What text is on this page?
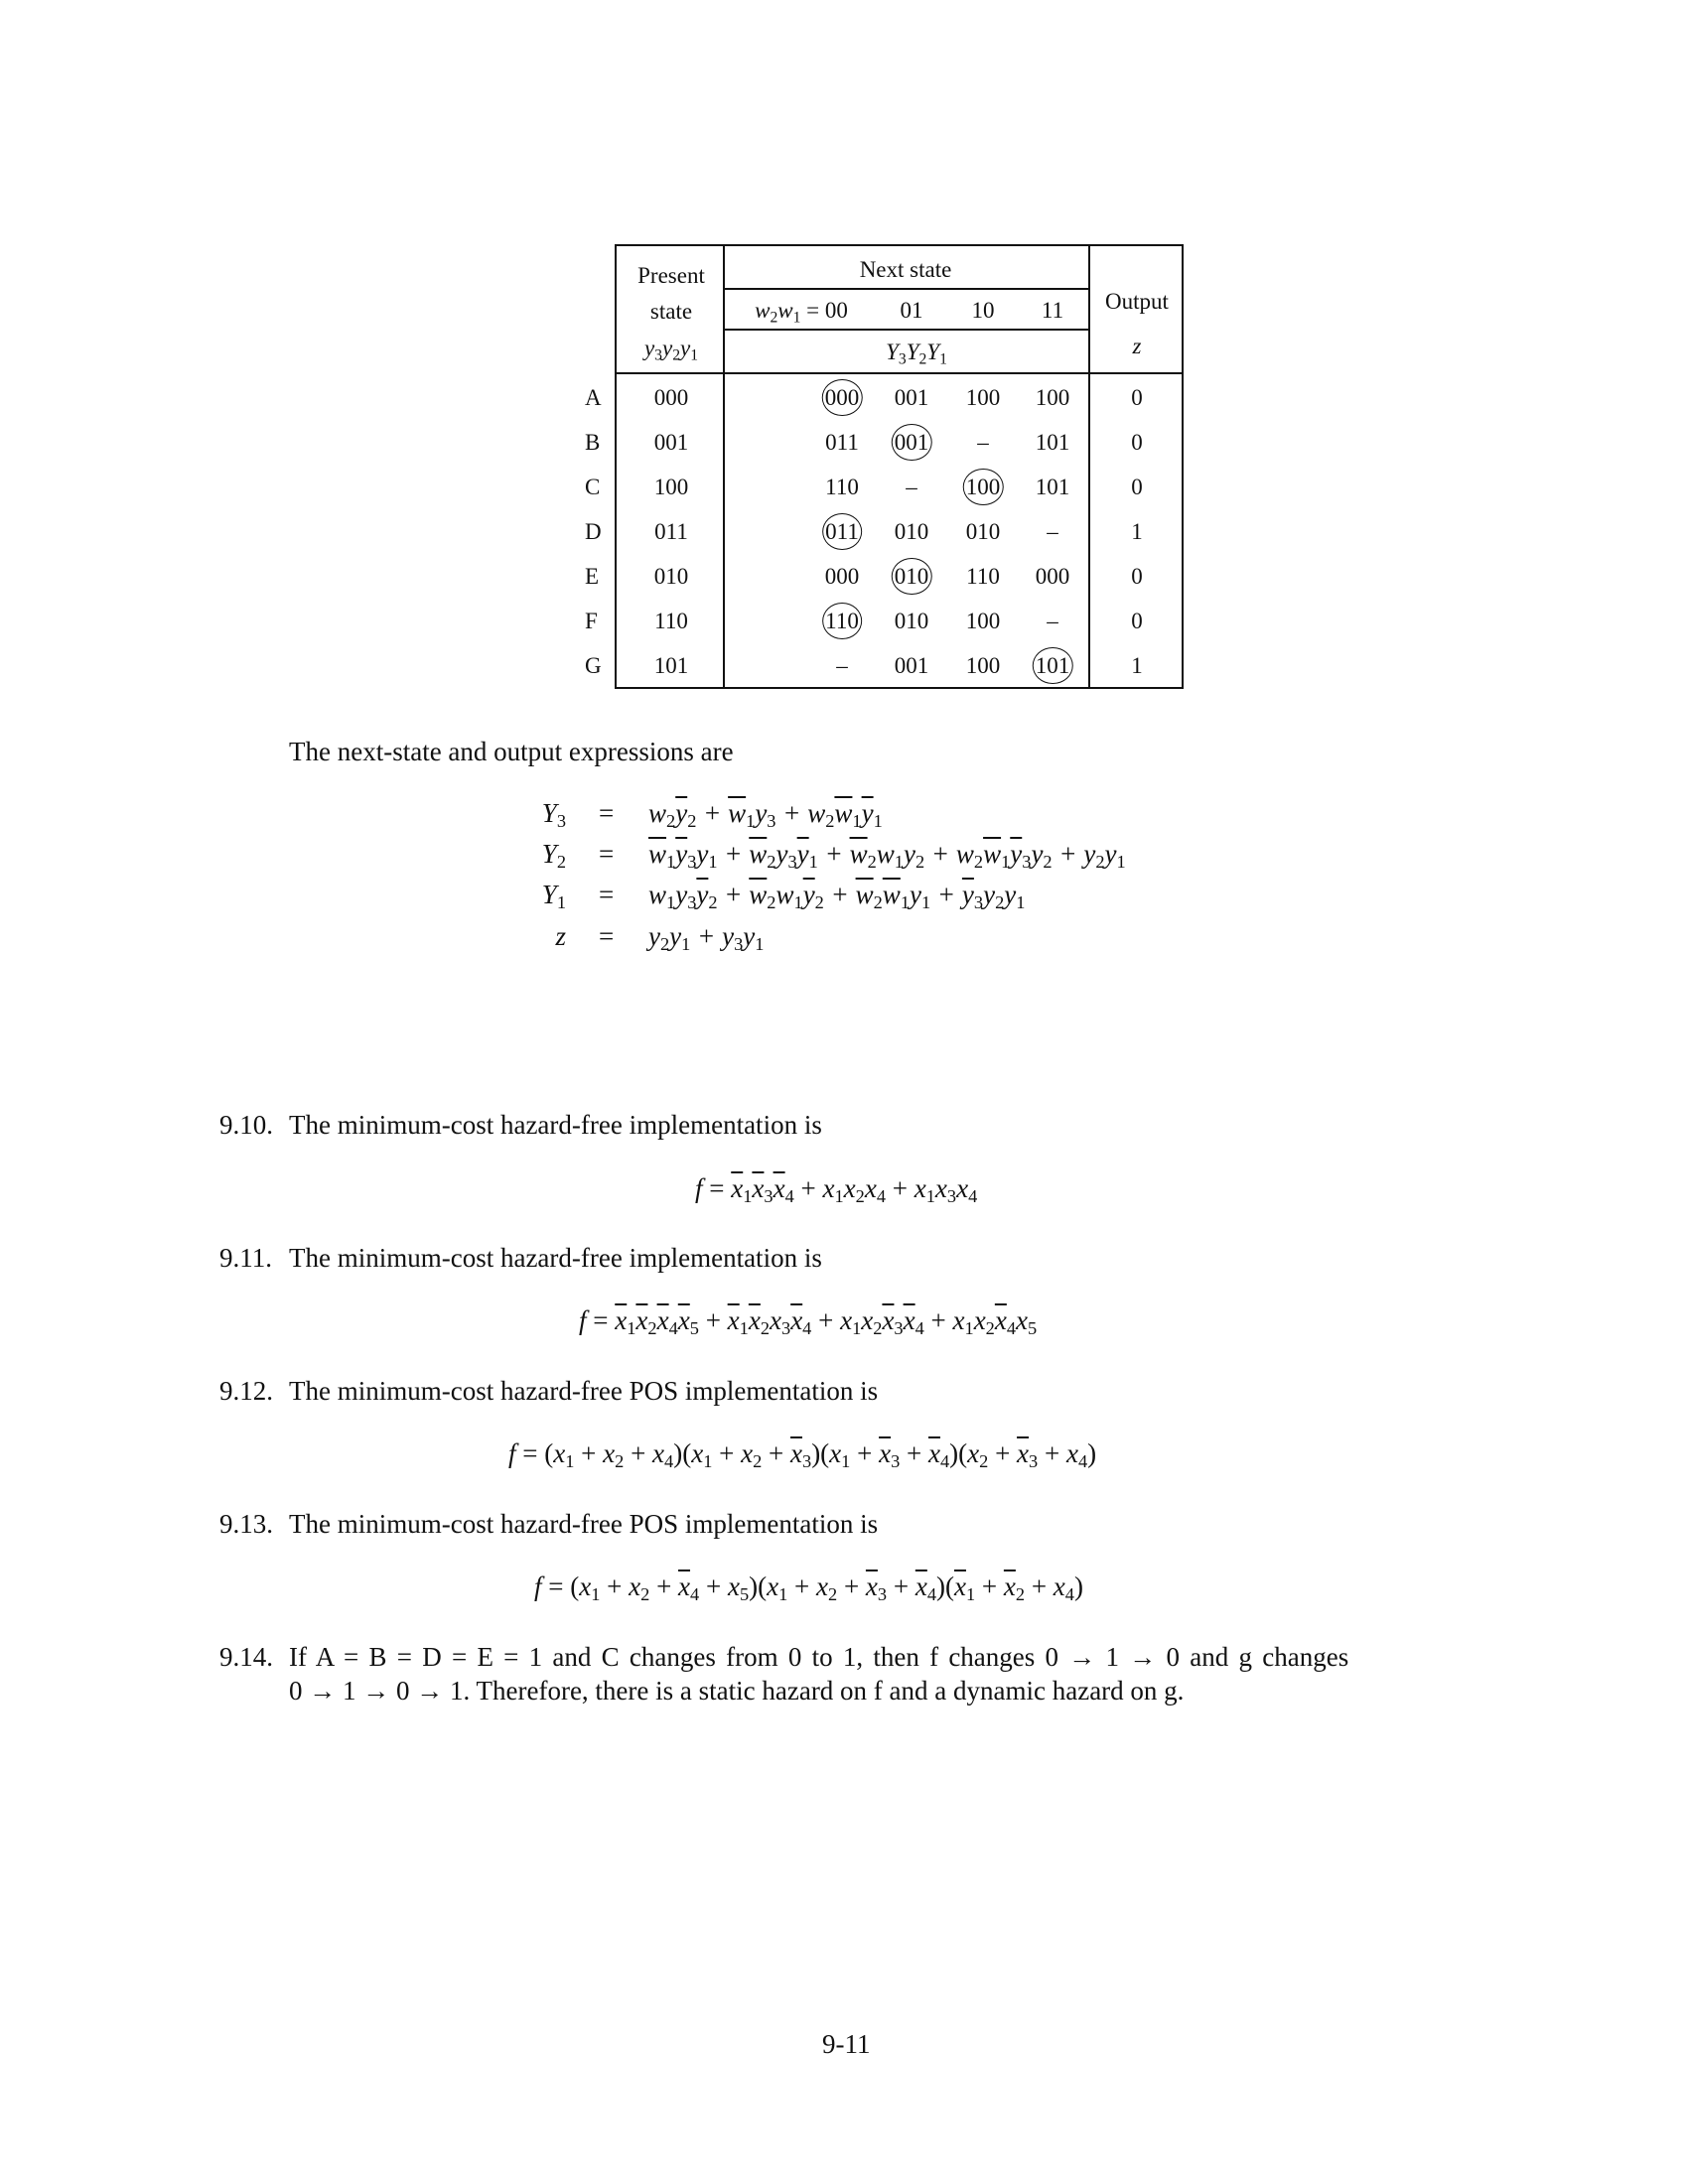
Present
state
$y_3y_2y_1$
Next state
$w_2w_1 = 00$ 01 10 11
$Y_3Y_2Y_1$
Output
z
A 000	000 001 100 100	0
B 001	011 001 – 101	0
C 100	110 – 100 101	0
D 011	011 010 010 –	1
E 010	000 010 110 000	0
F 110	110 010 100 –	0
G 101	– 001 100 101	1
The next-state and output expressions are
$Y_3 = w_2\overline{y}_2 + \overline{w}_1y_3 + w_2\overline{w}_1\overline{y}_1$
$Y_2 = \overline{w}_1\overline{y}_3y_1 + \overline{w}_2y_3\overline{y}_1 + \overline{w}_2w_1y_2 + w_2\overline{w}_1\overline{y}_3y_2 + y_2y_1$
$Y_1 = w_1y_3\overline{y}_2 + \overline{w}_2w_1\overline{y}_2 + \overline{w}_2\overline{w}_1y_1 + \overline{y}_3y_2y_1$
$z = y_2y_1 + y_3y_1$
9.10. The minimum-cost hazard-free implementation is
$f = \overline{x}_1\overline{x}_3\overline{x}_4 + x_1x_2x_4 + x_1x_3x_4$
9.11. The minimum-cost hazard-free implementation is
$f = \overline{x}_1\overline{x}_2\overline{x}_4\overline{x}_5 + \overline{x}_1\overline{x}_2x_3\overline{x}_4 + x_1x_2\overline{x}_3\overline{x}_4 + x_1x_2\overline{x}_4x_5$
9.12. The minimum-cost hazard-free POS implementation is
$f = (x_1 + x_2 + x_4)(x_1 + x_2 + \overline{x}_3)(x_1 + \overline{x}_3 + \overline{x}_4)(x_2 + \overline{x}_3 + x_4)$
9.13. The minimum-cost hazard-free POS implementation is
$f = (x_1 + x_2 + \overline{x}_4 + x_5)(x_1 + x_2 + \overline{x}_3 + \overline{x}_4)(\overline{x}_1 + \overline{x}_2 + x_4)$
9.14. If A = B = D = E = 1 and C changes from 0 to 1, then f changes 0 → 1 → 0 and g changes
0 → 1 → 0 → 1. Therefore, there is a static hazard on f and a dynamic hazard on g.
9-11
